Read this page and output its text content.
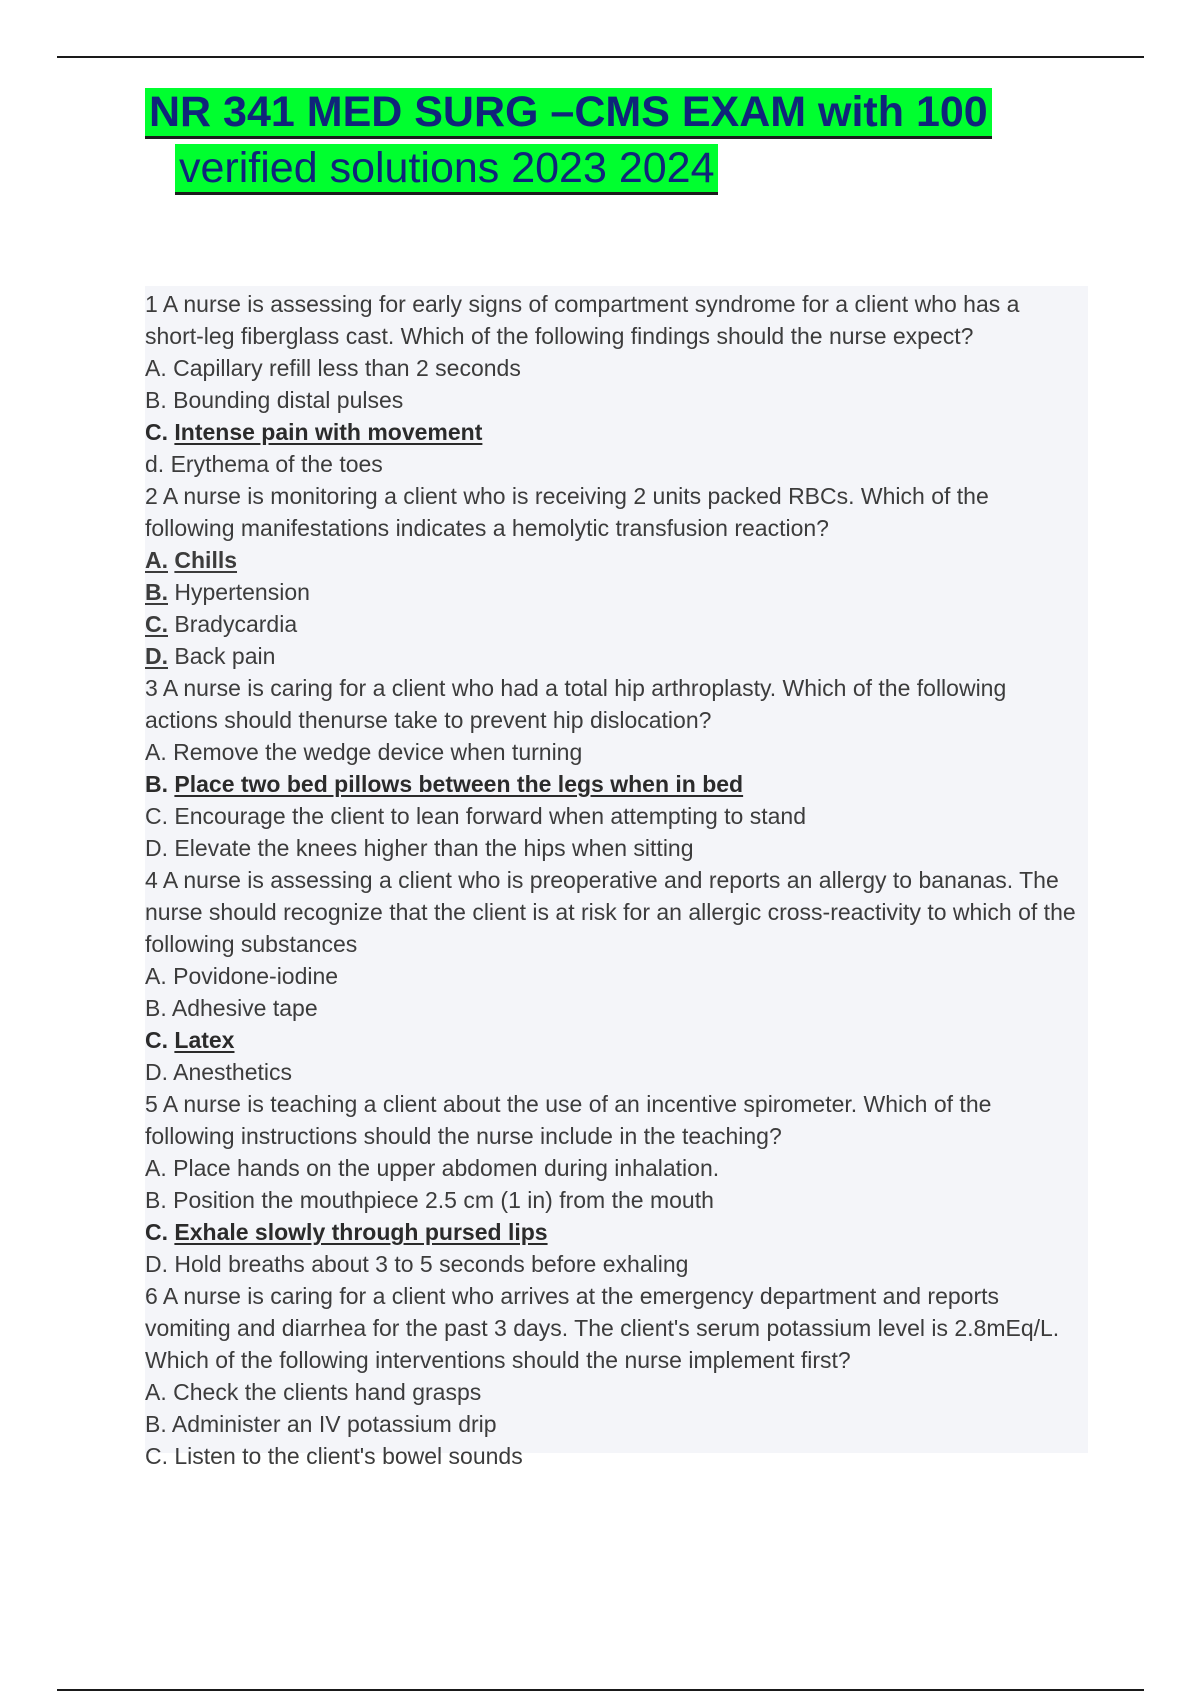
NR 341 MED SURG –CMS EXAM with 100
verified solutions 2023 2024

1 A nurse is assessing for early signs of compartment syndrome for a client who has a short-leg fiberglass cast. Which of the following findings should the nurse expect?

A. Capillary refill less than 2 seconds

B. Bounding distal pulses

C. Intense pain with movement

d. Erythema of the toes

2 A nurse is monitoring a client who is receiving 2 units packed RBCs. Which of the following manifestations indicates a hemolytic transfusion reaction?

A. Chills

B. Hypertension

C. Bradycardia

D. Back pain

3 A nurse is caring for a client who had a total hip arthroplasty. Which of the following actions should thenurse take to prevent hip dislocation?

A. Remove the wedge device when turning

B. Place two bed pillows between the legs when in bed

C. Encourage the client to lean forward when attempting to stand

D. Elevate the knees higher than the hips when sitting

4 A nurse is assessing a client who is preoperative and reports an allergy to bananas. The nurse should recognize that the client is at risk for an allergic cross-reactivity to which of the following substances

A. Povidone-iodine

B. Adhesive tape

C. Latex

D. Anesthetics

5 A nurse is teaching a client about the use of an incentive spirometer. Which of the following instructions should the nurse include in the teaching?

A. Place hands on the upper abdomen during inhalation.

B. Position the mouthpiece 2.5 cm (1 in) from the mouth

C. Exhale slowly through pursed lips

D. Hold breaths about 3 to 5 seconds before exhaling

6 A nurse is caring for a client who arrives at the emergency department and reports vomiting and diarrhea for the past 3 days. The client's serum potassium level is 2.8mEq/L. Which of the following interventions should the nurse implement first?

A. Check the clients hand grasps

B. Administer an IV potassium drip

C. Listen to the client's bowel sounds
